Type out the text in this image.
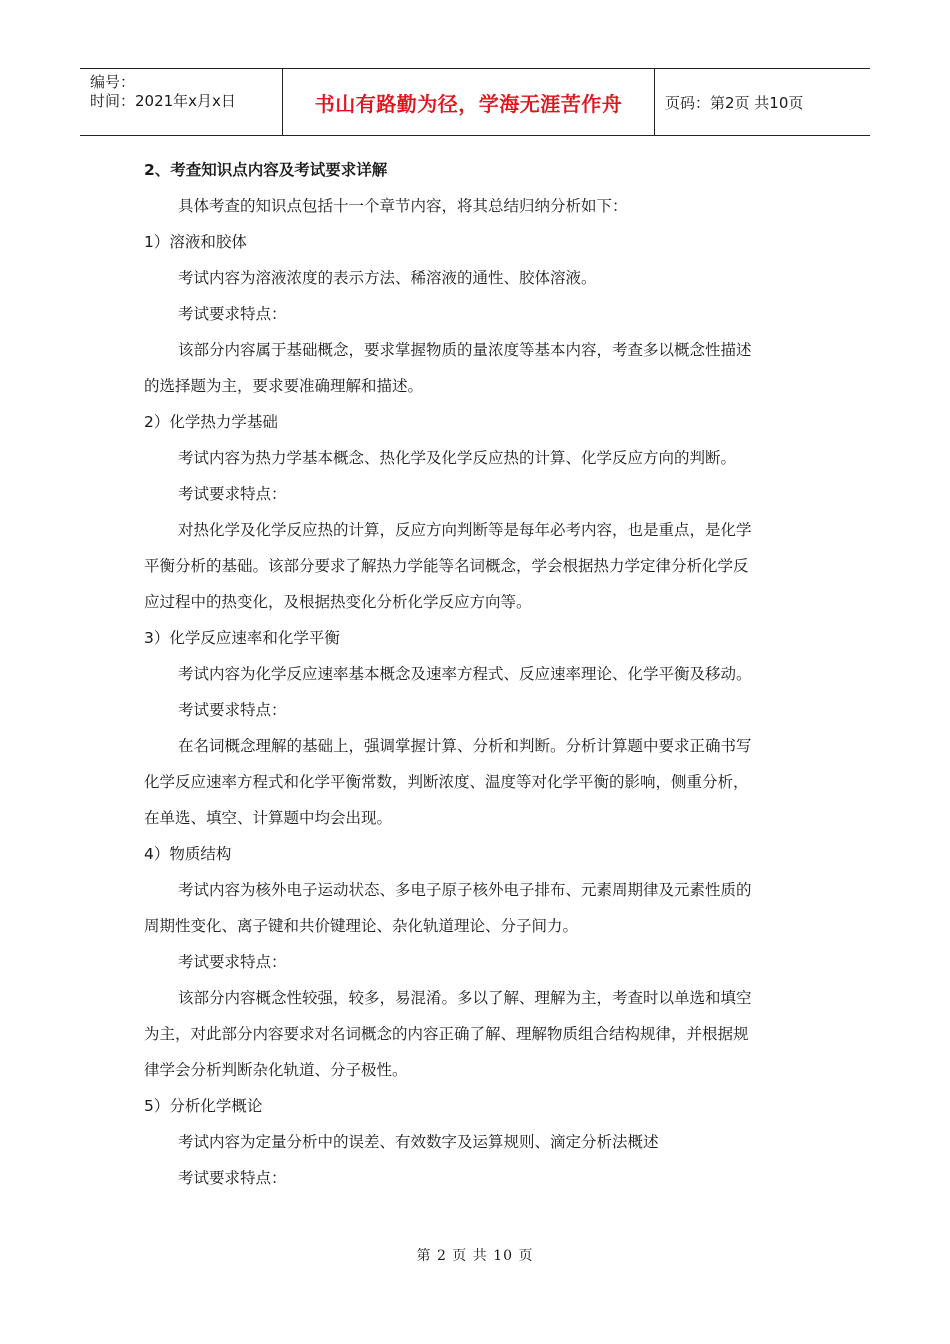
编号：
时间：2021年x月x日	书山有路勤为径，学海无涯苦作舟	页码：第2页 共10页

2、考查知识点内容及考试要求详解

具体考查的知识点包括十一个章节内容，将其总结归纳分析如下：

1）溶液和胶体

考试内容为溶液浓度的表示方法、稀溶液的通性、胶体溶液。

考试要求特点：

该部分内容属于基础概念，要求掌握物质的量浓度等基本内容，考查多以概念性描述

的选择题为主，要求要准确理解和描述。

2）化学热力学基础

考试内容为热力学基本概念、热化学及化学反应热的计算、化学反应方向的判断。

考试要求特点：

对热化学及化学反应热的计算，反应方向判断等是每年必考内容，也是重点，是化学

平衡分析的基础。该部分要求了解热力学能等名词概念，学会根据热力学定律分析化学反

应过程中的热变化，及根据热变化分析化学反应方向等。

3）化学反应速率和化学平衡

考试内容为化学反应速率基本概念及速率方程式、反应速率理论、化学平衡及移动。

考试要求特点：

在名词概念理解的基础上，强调掌握计算、分析和判断。分析计算题中要求正确书写

化学反应速率方程式和化学平衡常数，判断浓度、温度等对化学平衡的影响，侧重分析，

在单选、填空、计算题中均会出现。

4）物质结构

考试内容为核外电子运动状态、多电子原子核外电子排布、元素周期律及元素性质的

周期性变化、离子键和共价键理论、杂化轨道理论、分子间力。

考试要求特点：

该部分内容概念性较强，较多，易混淆。多以了解、理解为主，考查时以单选和填空

为主，对此部分内容要求对名词概念的内容正确了解、理解物质组合结构规律，并根据规

律学会分析判断杂化轨道、分子极性。

5）分析化学概论

考试内容为定量分析中的误差、有效数字及运算规则、滴定分析法概述

考试要求特点：

第 2 页 共 10 页
